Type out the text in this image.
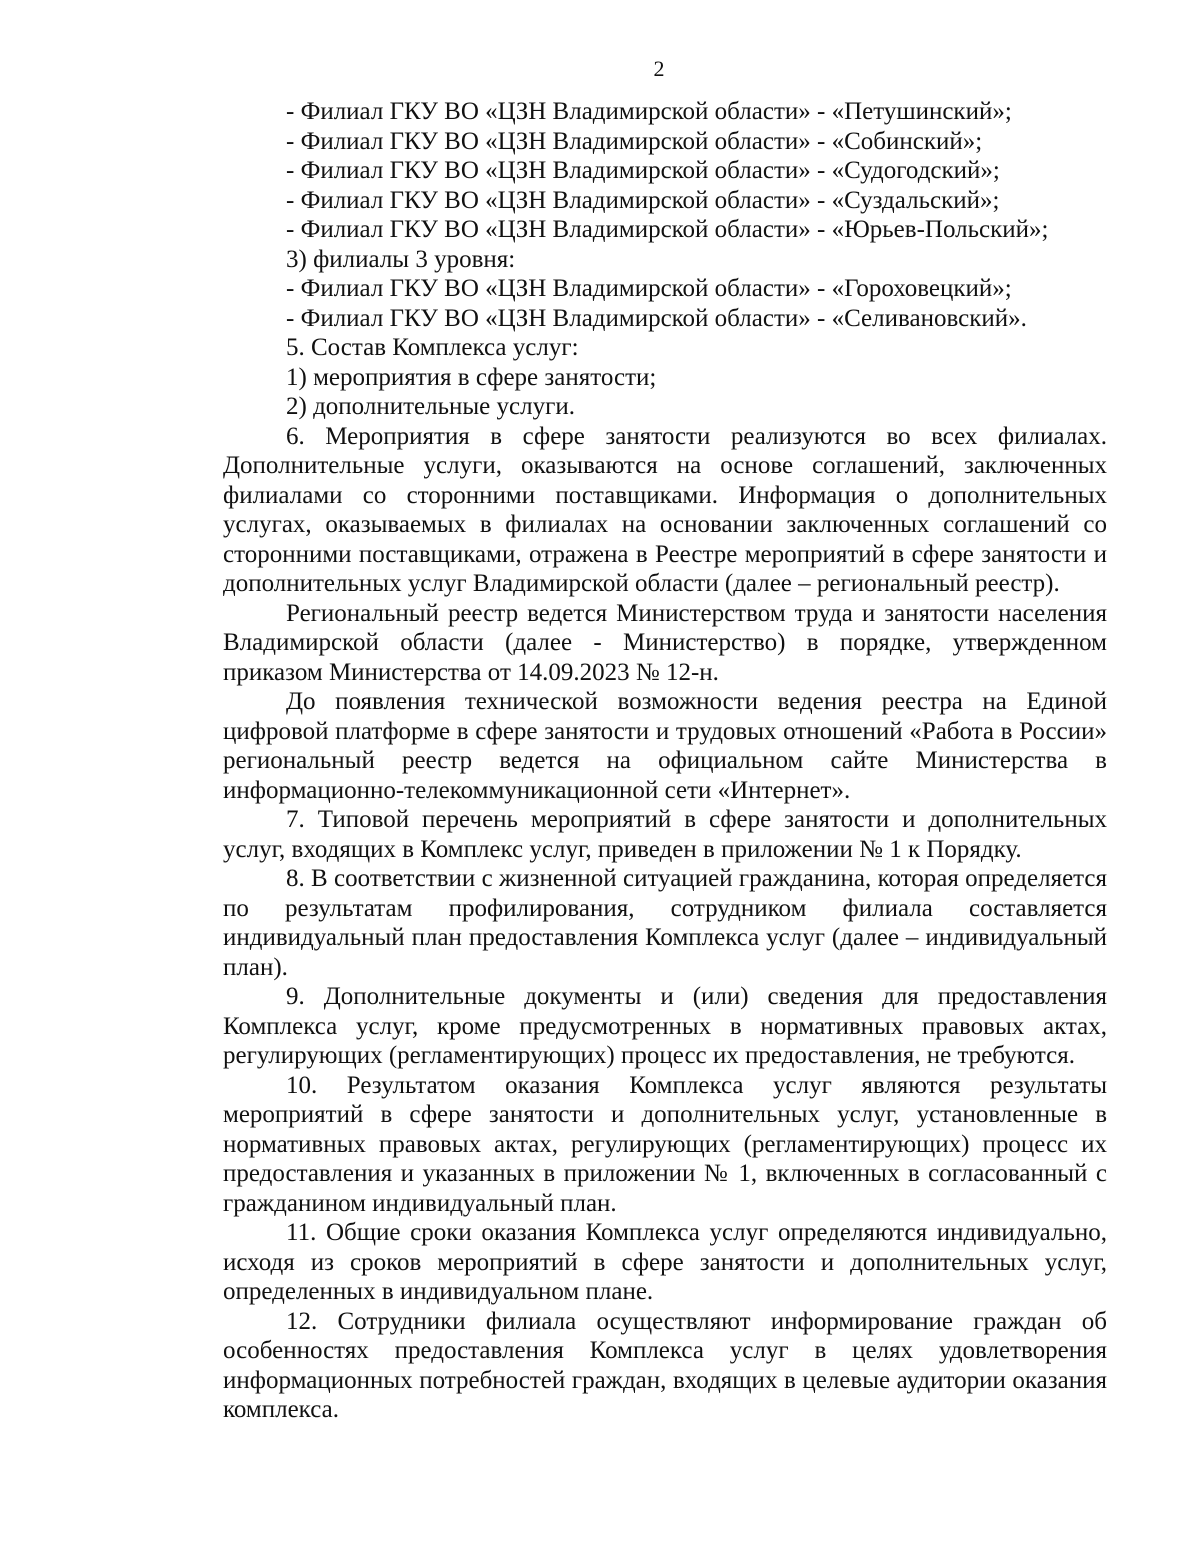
2
- Филиал ГКУ ВО «ЦЗН Владимирской области» - «Петушинский»;
- Филиал ГКУ ВО «ЦЗН Владимирской области» - «Собинский»;
- Филиал ГКУ ВО «ЦЗН Владимирской области» - «Судогодский»;
- Филиал ГКУ ВО «ЦЗН Владимирской области» - «Суздальский»;
- Филиал ГКУ ВО «ЦЗН Владимирской области» - «Юрьев-Польский»;
3) филиалы 3 уровня:
- Филиал ГКУ ВО «ЦЗН Владимирской области» - «Гороховецкий»;
- Филиал ГКУ ВО «ЦЗН Владимирской области» - «Селивановский».
5. Состав Комплекса услуг:
1) мероприятия в сфере занятости;
2) дополнительные услуги.

6. Мероприятия в сфере занятости реализуются во всех филиалах. Дополнительные услуги, оказываются на основе соглашений, заключенных филиалами со сторонними поставщиками. Информация о дополнительных услугах, оказываемых в филиалах на основании заключенных соглашений со сторонними поставщиками, отражена в Реестре мероприятий в сфере занятости и дополнительных услуг Владимирской области (далее – региональный реестр).

Региональный реестр ведется Министерством труда и занятости населения Владимирской области (далее - Министерство) в порядке, утвержденном приказом Министерства от 14.09.2023 № 12-н.

До появления технической возможности ведения реестра на Единой цифровой платформе в сфере занятости и трудовых отношений «Работа в России» региональный реестр ведется на официальном сайте Министерства в информационно-телекоммуникационной сети «Интернет».

7. Типовой перечень мероприятий в сфере занятости и дополнительных услуг, входящих в Комплекс услуг, приведен в приложении № 1 к Порядку.

8. В соответствии с жизненной ситуацией гражданина, которая определяется по результатам профилирования, сотрудником филиала составляется индивидуальный план предоставления Комплекса услуг (далее – индивидуальный план).

9. Дополнительные документы и (или) сведения для предоставления Комплекса услуг, кроме предусмотренных в нормативных правовых актах, регулирующих (регламентирующих) процесс их предоставления, не требуются.

10. Результатом оказания Комплекса услуг являются результаты мероприятий в сфере занятости и дополнительных услуг, установленные в нормативных правовых актах, регулирующих (регламентирующих) процесс их предоставления и указанных в приложении № 1, включенных в согласованный с гражданином индивидуальный план.

11. Общие сроки оказания Комплекса услуг определяются индивидуально, исходя из сроков мероприятий в сфере занятости и дополнительных услуг, определенных в индивидуальном плане.

12. Сотрудники филиала осуществляют информирование граждан об особенностях предоставления Комплекса услуг в целях удовлетворения информационных потребностей граждан, входящих в целевые аудитории оказания комплекса.
